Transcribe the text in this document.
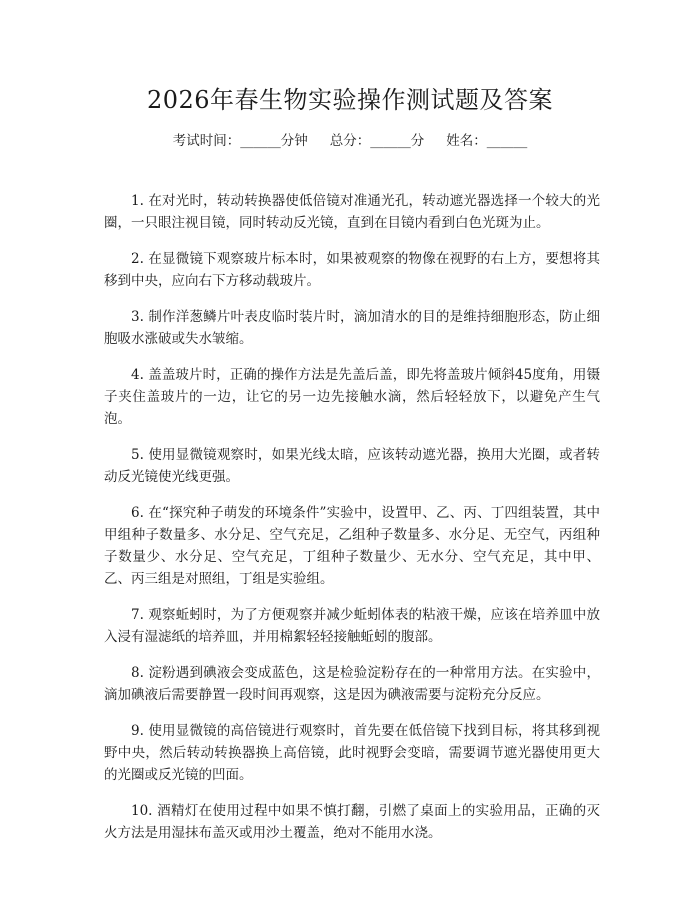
2026年春生物实验操作测试题及答案
考试时间：______分钟 总分：______分 姓名：______

1. 在对光时，转动转换器使低倍镜对准通光孔，转动遮光器选择一个较大的光圈，一只眼注视目镜，同时转动反光镜，直到在目镜内看到白色光斑为止。

2. 在显微镜下观察玻片标本时，如果被观察的物像在视野的右上方，要想将其移到中央，应向右下方移动载玻片。

3. 制作洋葱鳞片叶表皮临时装片时，滴加清水的目的是维持细胞形态，防止细胞吸水涨破或失水皱缩。

4. 盖盖玻片时，正确的操作方法是先盖后盖，即先将盖玻片倾斜45度角，用镊子夹住盖玻片的一边，让它的另一边先接触水滴，然后轻轻放下，以避免产生气泡。

5. 使用显微镜观察时，如果光线太暗，应该转动遮光器，换用大光圈，或者转动反光镜使光线更强。

6. 在“探究种子萌发的环境条件”实验中，设置甲、乙、丙、丁四组装置，其中甲组种子数量多、水分足、空气充足，乙组种子数量多、水分足、无空气，丙组种子数量少、水分足、空气充足，丁组种子数量少、无水分、空气充足，其中甲、乙、丙三组是对照组，丁组是实验组。

7. 观察蚯蚓时，为了方便观察并减少蚯蚓体表的粘液干燥，应该在培养皿中放入浸有湿滤纸的培养皿，并用棉絮轻轻接触蚯蚓的腹部。

8. 淀粉遇到碘液会变成蓝色，这是检验淀粉存在的一种常用方法。在实验中，滴加碘液后需要静置一段时间再观察，这是因为碘液需要与淀粉充分反应。

9. 使用显微镜的高倍镜进行观察时，首先要在低倍镜下找到目标，将其移到视野中央，然后转动转换器换上高倍镜，此时视野会变暗，需要调节遮光器使用更大的光圈或反光镜的凹面。

10. 酒精灯在使用过程中如果不慎打翻，引燃了桌面上的实验用品，正确的灭火方法是用湿抹布盖灭或用沙土覆盖，绝对不能用水浇。
